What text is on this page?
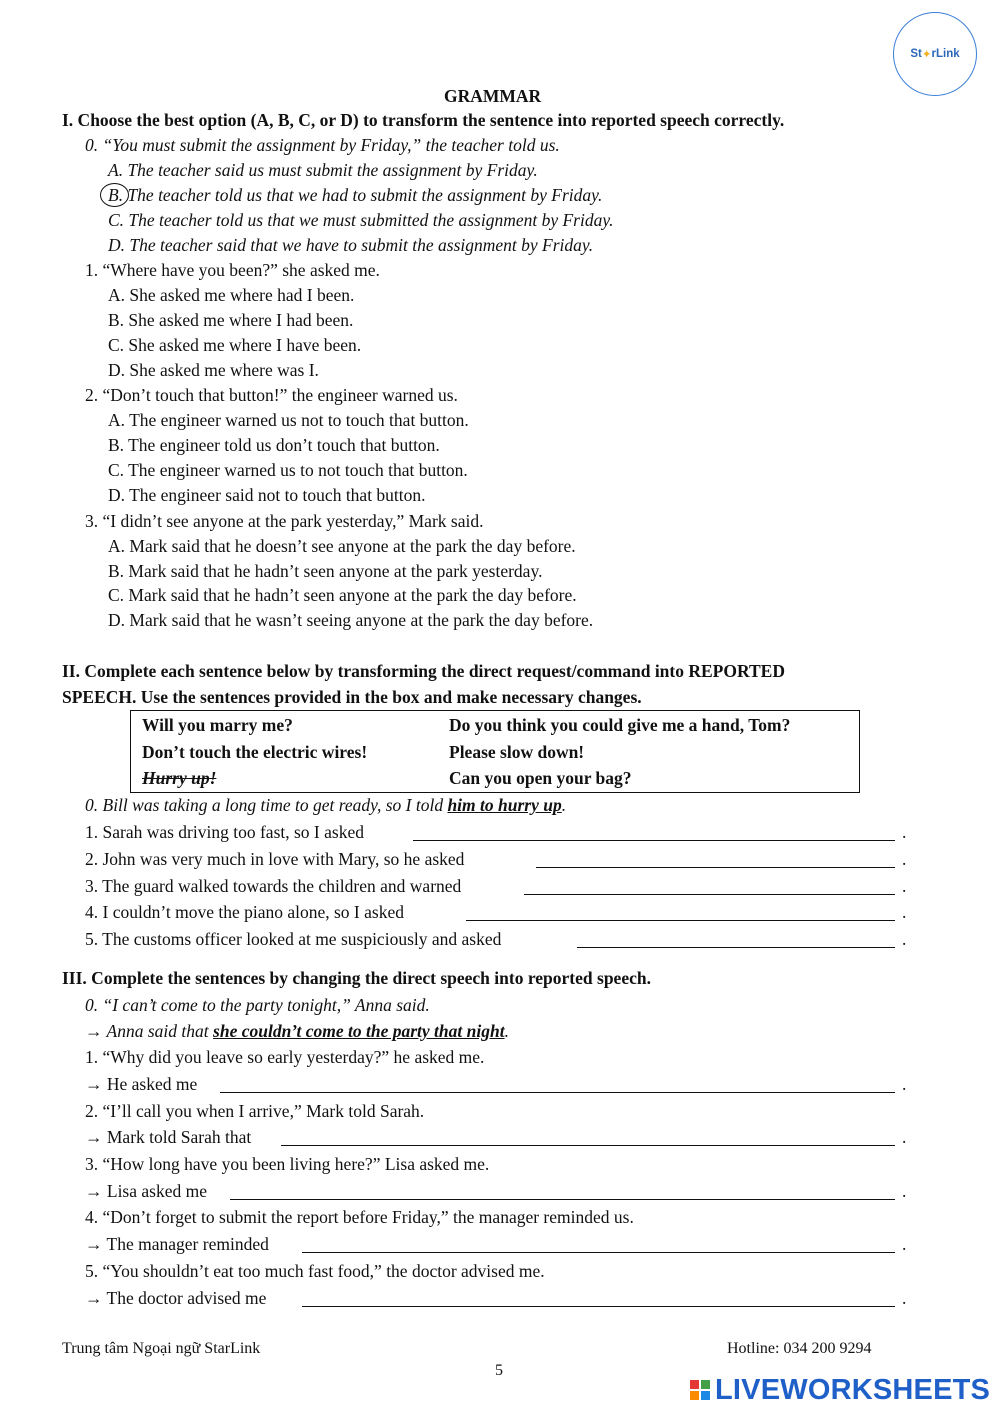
St ✦ rLink
GRAMMAR
I. Choose the best option (A, B, C, or D) to transform the sentence into reported speech correctly.
0. “You must submit the assignment by Friday,” the teacher told us.
A. The teacher said us must submit the assignment by Friday.
B. The teacher told us that we had to submit the assignment by Friday.
C. The teacher told us that we must submitted the assignment by Friday.
D. The teacher said that we have to submit the assignment by Friday.
1. “Where have you been?” she asked me.
A. She asked me where had I been.
B. She asked me where I had been.
C. She asked me where I have been.
D. She asked me where was I.
2. “Don’t touch that button!” the engineer warned us.
A. The engineer warned us not to touch that button.
B. The engineer told us don’t touch that button.
C. The engineer warned us to not touch that button.
D. The engineer said not to touch that button.
3. “I didn’t see anyone at the park yesterday,” Mark said.
A. Mark said that he doesn’t see anyone at the park the day before.
B. Mark said that he hadn’t seen anyone at the park yesterday.
C. Mark said that he hadn’t seen anyone at the park the day before.
D. Mark said that he wasn’t seeing anyone at the park the day before.
II. Complete each sentence below by transforming the direct request/command into REPORTED
SPEECH. Use the sentences provided in the box and make necessary changes.
Will you marry me?	Do you think you could give me a hand, Tom?
Don’t touch the electric wires!	Please slow down!
Hurry up!	Can you open your bag?
0. Bill was taking a long time to get ready, so I told him to hurry up.
1. Sarah was driving too fast, so I asked	.
2. John was very much in love with Mary, so he asked	.
3. The guard walked towards the children and warned	.
4. I couldn’t move the piano alone, so I asked	.
5. The customs officer looked at me suspiciously and asked	.
III. Complete the sentences by changing the direct speech into reported speech.
0. “I can’t come to the party tonight,” Anna said.
→ Anna said that she couldn’t come to the party that night.
1. “Why did you leave so early yesterday?” he asked me.
→ He asked me	.
2. “I’ll call you when I arrive,” Mark told Sarah.
→ Mark told Sarah that	.
3. “How long have you been living here?” Lisa asked me.
→ Lisa asked me	.
4. “Don’t forget to submit the report before Friday,” the manager reminded us.
→ The manager reminded	.
5. “You shouldn’t eat too much fast food,” the doctor advised me.
→ The doctor advised me	.
Trung tâm Ngoại ngữ StarLink	Hotline: 034 200 9294
5
LIVEWORKSHEETS
